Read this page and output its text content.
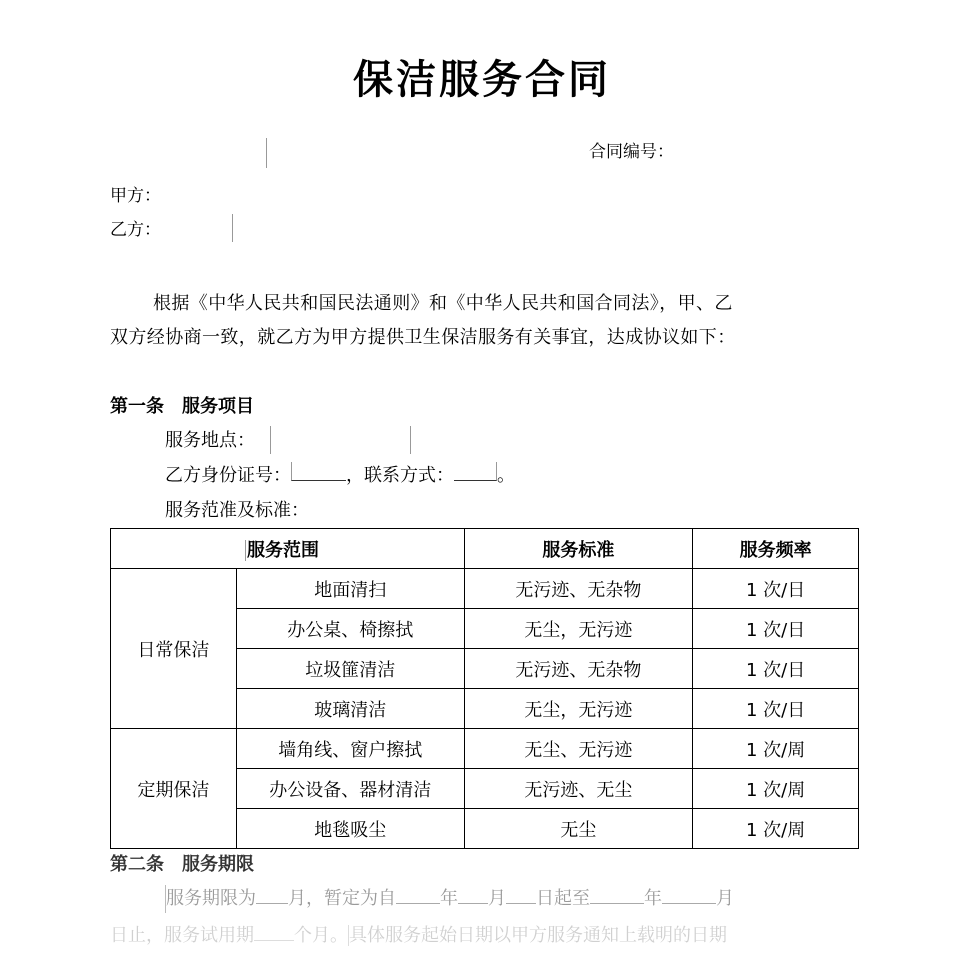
保洁服务合同
合同编号：
甲方：
乙方：
根据《中华人民共和国民法通则》和《中华人民共和国合同法》，甲、乙
双方经协商一致，就乙方为甲方提供卫生保洁服务有关事宜，达成协议如下：
第一条　服务项目
服务地点：
乙方身份证号：	，联系方式： 。
服务范准及标准：
服务范围		服务标准	服务频率
日常保洁	地面清扫	无污迹、无杂物	1 次/日
	办公桌、椅擦拭	无尘，无污迹	1 次/日
	垃圾篚清洁	无污迹、无杂物	1 次/日
	玻璃清洁	无尘，无污迹	1 次/日
定期保洁	墙角线、窗户擦拭	无尘、无污迹	1 次/周
	办公设备、器材清洁	无污迹、无尘	1 次/周
	地毯吸尘	无尘	1 次/周
第二条　服务期限
服务期限为 月，暂定为自 年 月 日起至	年	月
日止，服务试用期 个月。具体服务起始日期以甲方服务通知上载明的日期
